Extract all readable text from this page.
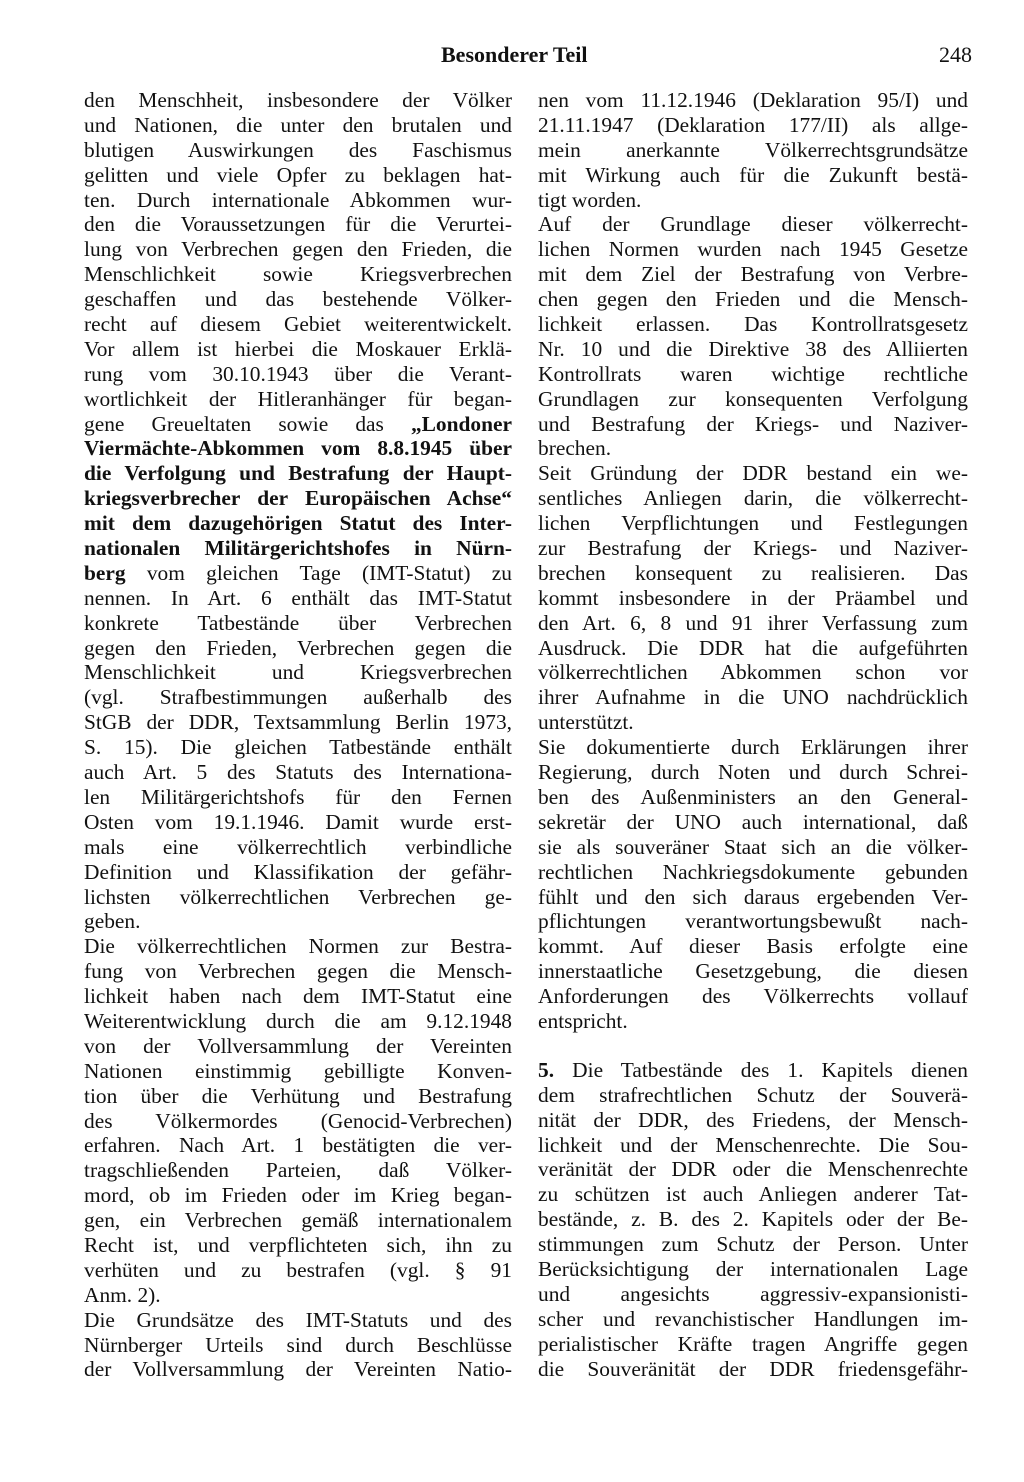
Besonderer Teil	248
den Menschheit, insbesondere der Völker
und Nationen, die unter den brutalen und
blutigen Auswirkungen des Faschismus
gelitten und viele Opfer zu beklagen hat-
ten. Durch internationale Abkommen wur-
den die Voraussetzungen für die Verurtei-
lung von Verbrechen gegen den Frieden, die
Menschlichkeit sowie Kriegsverbrechen
geschaffen und das bestehende Völker-
recht auf diesem Gebiet weiterentwickelt.
Vor allem ist hierbei die Moskauer Erklä-
rung vom 30.10.1943 über die Verant-
wortlichkeit der Hitleranhänger für began-
gene Greueltaten sowie das „Londoner
Viermächte-Abkommen vom 8.8.1945 über
die Verfolgung und Bestrafung der Haupt-
kriegsverbrecher der Europäischen Achse“
mit dem dazugehörigen Statut des Inter-
nationalen Militärgerichtshofes in Nürn-
berg vom gleichen Tage (IMT-Statut) zu
nennen. In Art. 6 enthält das IMT-Statut
konkrete Tatbestände über Verbrechen
gegen den Frieden, Verbrechen gegen die
Menschlichkeit und Kriegsverbrechen
(vgl. Strafbestimmungen außerhalb des
StGB der DDR, Textsammlung Berlin 1973,
S. 15). Die gleichen Tatbestände enthält
auch Art. 5 des Statuts des Internationa-
len Militärgerichtshofs für den Fernen
Osten vom 19.1.1946. Damit wurde erst-
mals eine völkerrechtlich verbindliche
Definition und Klassifikation der gefähr-
lichsten völkerrechtlichen Verbrechen ge-
geben.
Die völkerrechtlichen Normen zur Bestra-
fung von Verbrechen gegen die Mensch-
lichkeit haben nach dem IMT-Statut eine
Weiterentwicklung durch die am 9.12.1948
von der Vollversammlung der Vereinten
Nationen einstimmig gebilligte Konven-
tion über die Verhütung und Bestrafung
des Völkermordes (Genocid-Verbrechen)
erfahren. Nach Art. 1 bestätigten die ver-
tragschließenden Parteien, daß Völker-
mord, ob im Frieden oder im Krieg began-
gen, ein Verbrechen gemäß internationalem
Recht ist, und verpflichteten sich, ihn zu
verhüten und zu bestrafen (vgl. § 91
Anm. 2).
Die Grundsätze des IMT-Statuts und des
Nürnberger Urteils sind durch Beschlüsse
der Vollversammlung der Vereinten Natio-
nen vom 11.12.1946 (Deklaration 95/I) und
21.11.1947 (Deklaration 177/II) als allge-
mein anerkannte Völkerrechtsgrundsätze
mit Wirkung auch für die Zukunft bestä-
tigt worden.
Auf der Grundlage dieser völkerrecht-
lichen Normen wurden nach 1945 Gesetze
mit dem Ziel der Bestrafung von Verbre-
chen gegen den Frieden und die Mensch-
lichkeit erlassen. Das Kontrollratsgesetz
Nr. 10 und die Direktive 38 des Alliierten
Kontrollrats waren wichtige rechtliche
Grundlagen zur konsequenten Verfolgung
und Bestrafung der Kriegs- und Naziver-
brechen.
Seit Gründung der DDR bestand ein we-
sentliches Anliegen darin, die völkerrecht-
lichen Verpflichtungen und Festlegungen
zur Bestrafung der Kriegs- und Naziver-
brechen konsequent zu realisieren. Das
kommt insbesondere in der Präambel und
den Art. 6, 8 und 91 ihrer Verfassung zum
Ausdruck. Die DDR hat die aufgeführten
völkerrechtlichen Abkommen schon vor
ihrer Aufnahme in die UNO nachdrücklich
unterstützt.
Sie dokumentierte durch Erklärungen ihrer
Regierung, durch Noten und durch Schrei-
ben des Außenministers an den General-
sekretär der UNO auch international, daß
sie als souveräner Staat sich an die völker-
rechtlichen Nachkriegsdokumente gebunden
fühlt und den sich daraus ergebenden Ver-
pflichtungen verantwortungsbewußt nach-
kommt. Auf dieser Basis erfolgte eine
innerstaatliche Gesetzgebung, die diesen
Anforderungen des Völkerrechts vollauf
entspricht.
5. Die Tatbestände des 1. Kapitels dienen
dem strafrechtlichen Schutz der Souverä-
nität der DDR, des Friedens, der Mensch-
lichkeit und der Menschenrechte. Die Sou-
veränität der DDR oder die Menschenrechte
zu schützen ist auch Anliegen anderer Tat-
bestände, z. B. des 2. Kapitels oder der Be-
stimmungen zum Schutz der Person. Unter
Berücksichtigung der internationalen Lage
und angesichts aggressiv-expansionisti-
scher und revanchistischer Handlungen im-
perialistischer Kräfte tragen Angriffe gegen
die Souveränität der DDR friedensgefähr-
